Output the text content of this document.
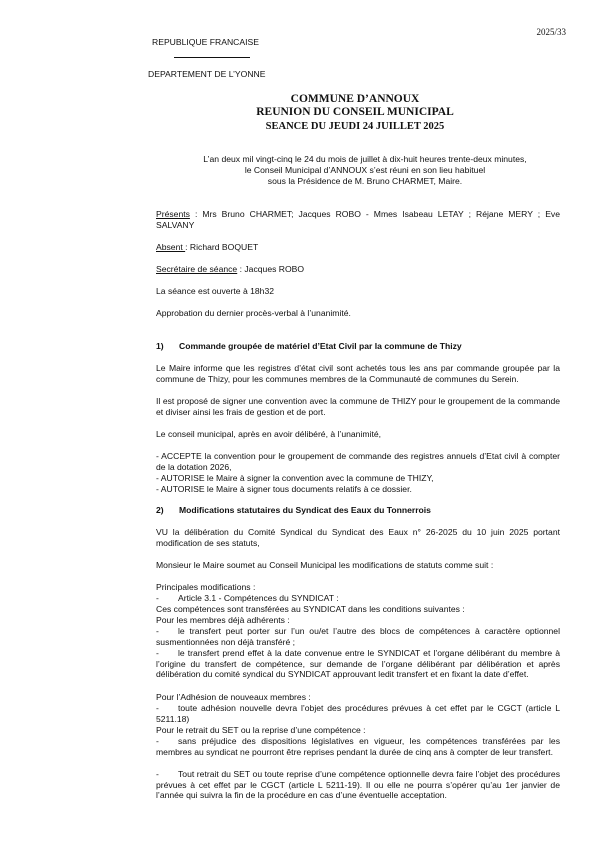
2025/33
REPUBLIQUE FRANCAISE
DEPARTEMENT DE L’YONNE
COMMUNE D’ANNOUX
REUNION DU CONSEIL MUNICIPAL
SEANCE DU JEUDI 24 JUILLET 2025
L’an deux mil vingt-cinq le 24 du mois de juillet à dix-huit heures trente-deux minutes,
le Conseil Municipal d’ANNOUX s’est réuni en son lieu habituel
sous la Présidence de M. Bruno CHARMET, Maire.

Présents : Mrs Bruno CHARMET; Jacques ROBO - Mmes Isabeau LETAY ; Réjane MERY ; Eve SALVANY

Absent : Richard BOQUET

Secrétaire de séance : Jacques ROBO

La séance est ouverte à 18h32

Approbation du dernier procès-verbal à l’unanimité.

1) Commande groupée de matériel d’Etat Civil par la commune de Thizy

Le Maire informe que les registres d’état civil sont achetés tous les ans par commande groupée par la commune de Thizy, pour les communes membres de la Communauté de communes du Serein.

Il est proposé de signer une convention avec la commune de THIZY pour le groupement de la commande et diviser ainsi les frais de gestion et de port.

Le conseil municipal, après en avoir délibéré, à l’unanimité,

- ACCEPTE la convention pour le groupement de commande des registres annuels d’Etat civil à compter de la dotation 2026,

- AUTORISE le Maire à signer la convention avec la commune de THIZY,

- AUTORISE le Maire à signer tous documents relatifs à ce dossier.

2) Modifications statutaires du Syndicat des Eaux du Tonnerrois

VU la délibération du Comité Syndical du Syndicat des Eaux n° 26-2025 du 10 juin 2025 portant modification de ses statuts,

Monsieur le Maire soumet au Conseil Municipal les modifications de statuts comme suit :

Principales modifications :

- Article 3.1 - Compétences du SYNDICAT :

Ces compétences sont transférées au SYNDICAT dans les conditions suivantes :

Pour les membres déjà adhérents :

-	le transfert peut porter sur l’un ou/et l’autre des blocs de compétences à caractère optionnel susmentionnées non déjà transféré ;

-	le transfert prend effet à la date convenue entre le SYNDICAT et l’organe délibérant du membre à l’origine du transfert de compétence, sur demande de l’organe délibérant par délibération et après délibération du comité syndical du SYNDICAT approuvant ledit transfert et en fixant la date d’effet.

Pour l’Adhésion de nouveaux membres :

-	toute adhésion nouvelle devra l’objet des procédures prévues à cet effet par le CGCT (article L 5211.18)

Pour le retrait du SET ou la reprise d’une compétence :

-	sans préjudice des dispositions législatives en vigueur, les compétences transférées par les membres au syndicat ne pourront être reprises pendant la durée de cinq ans à compter de leur transfert.

-	Tout retrait du SET ou toute reprise d’une compétence optionnelle devra faire l’objet des procédures prévues à cet effet par le CGCT (article L 5211-19). Il ou elle ne pourra s’opérer qu’au 1er janvier de l’année qui suivra la fin de la procédure en cas d’une éventuelle acceptation.
